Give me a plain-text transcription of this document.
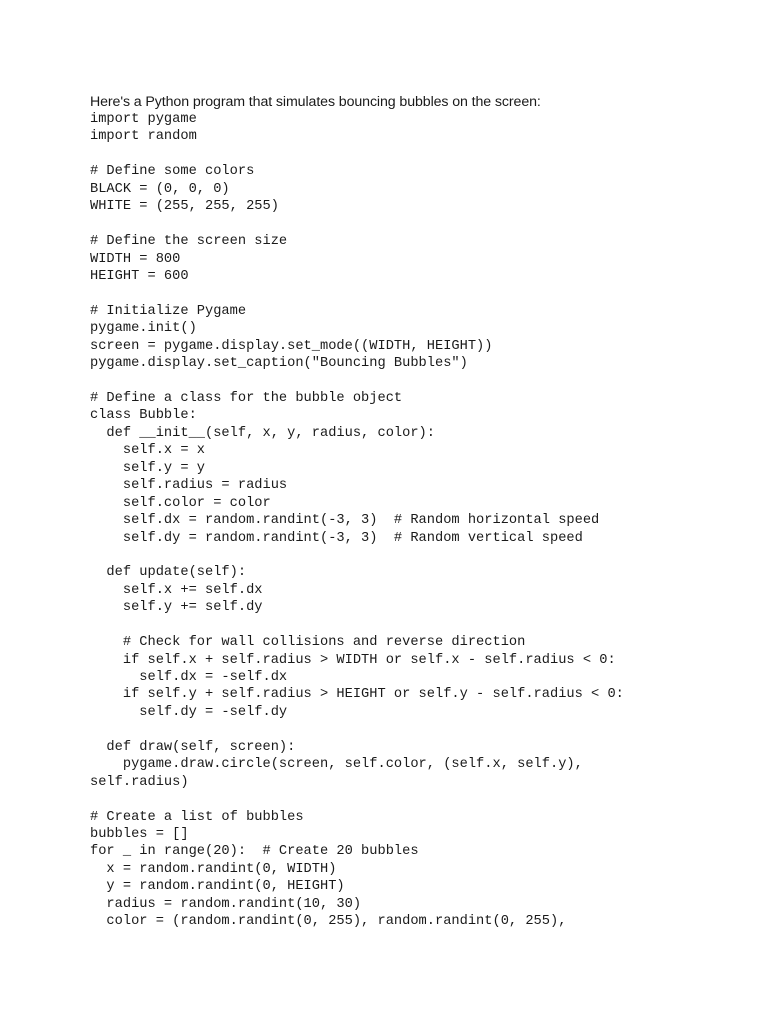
Here's a Python program that simulates bouncing bubbles on the screen:
import pygame
import random
# Define some colors
BLACK = (0, 0, 0)
WHITE = (255, 255, 255)
# Define the screen size
WIDTH = 800
HEIGHT = 600
# Initialize Pygame
pygame.init()
screen = pygame.display.set_mode((WIDTH, HEIGHT))
pygame.display.set_caption("Bouncing Bubbles")
# Define a class for the bubble object
class Bubble:
def __init__(self, x, y, radius, color):
self.x = x
self.y = y
self.radius = radius
self.color = color
self.dx = random.randint(-3, 3)  # Random horizontal speed
self.dy = random.randint(-3, 3)  # Random vertical speed
def update(self):
self.x += self.dx
self.y += self.dy
# Check for wall collisions and reverse direction
if self.x + self.radius > WIDTH or self.x - self.radius < 0:
self.dx = -self.dx
if self.y + self.radius > HEIGHT or self.y - self.radius < 0:
self.dy = -self.dy
def draw(self, screen):
pygame.draw.circle(screen, self.color, (self.x, self.y),
self.radius)
# Create a list of bubbles
bubbles = []
for _ in range(20):  # Create 20 bubbles
x = random.randint(0, WIDTH)
y = random.randint(0, HEIGHT)
radius = random.randint(10, 30)
color = (random.randint(0, 255), random.randint(0, 255),
